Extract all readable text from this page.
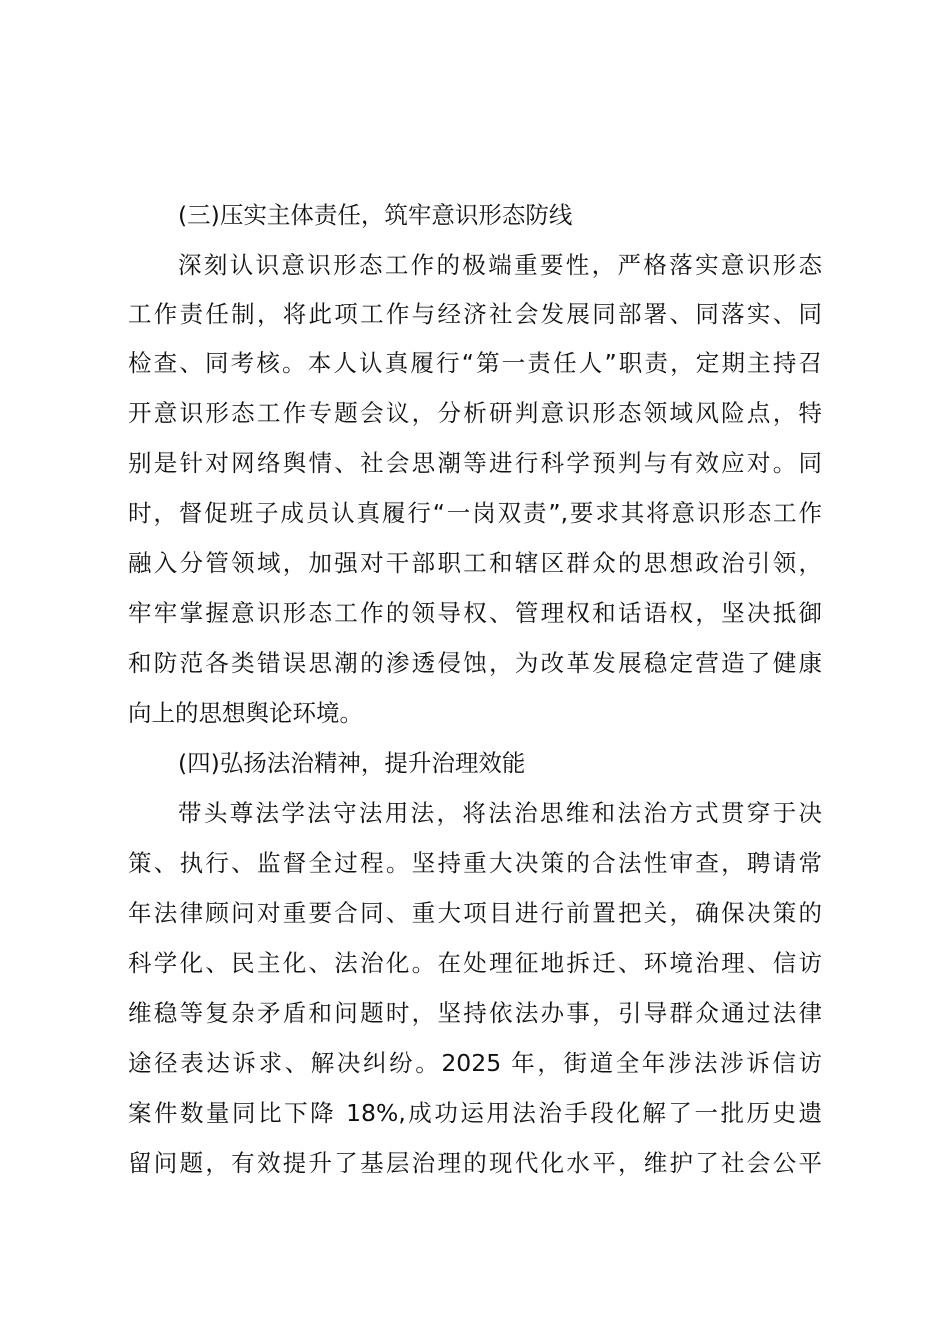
(三)压实主体责任，筑牢意识形态防线
深刻认识意识形态工作的极端重要性，严格落实意识形态
工作责任制，将此项工作与经济社会发展同部署、同落实、同
检查、同考核。本人认真履行“第一责任人”职责，定期主持召
开意识形态工作专题会议，分析研判意识形态领域风险点，特
别是针对网络舆情、社会思潮等进行科学预判与有效应对。同
时，督促班子成员认真履行“一岗双责”,要求其将意识形态工作
融入分管领域，加强对干部职工和辖区群众的思想政治引领，
牢牢掌握意识形态工作的领导权、管理权和话语权，坚决抵御
和防范各类错误思潮的渗透侵蚀，为改革发展稳定营造了健康
向上的思想舆论环境。
(四)弘扬法治精神，提升治理效能
带头尊法学法守法用法，将法治思维和法治方式贯穿于决
策、执行、监督全过程。坚持重大决策的合法性审查，聘请常
年法律顾问对重要合同、重大项目进行前置把关，确保决策的
科学化、民主化、法治化。在处理征地拆迁、环境治理、信访
维稳等复杂矛盾和问题时，坚持依法办事，引导群众通过法律
途径表达诉求、解决纠纷。2025 年，街道全年涉法涉诉信访
案件数量同比下降 18%,成功运用法治手段化解了一批历史遗
留问题，有效提升了基层治理的现代化水平，维护了社会公平
